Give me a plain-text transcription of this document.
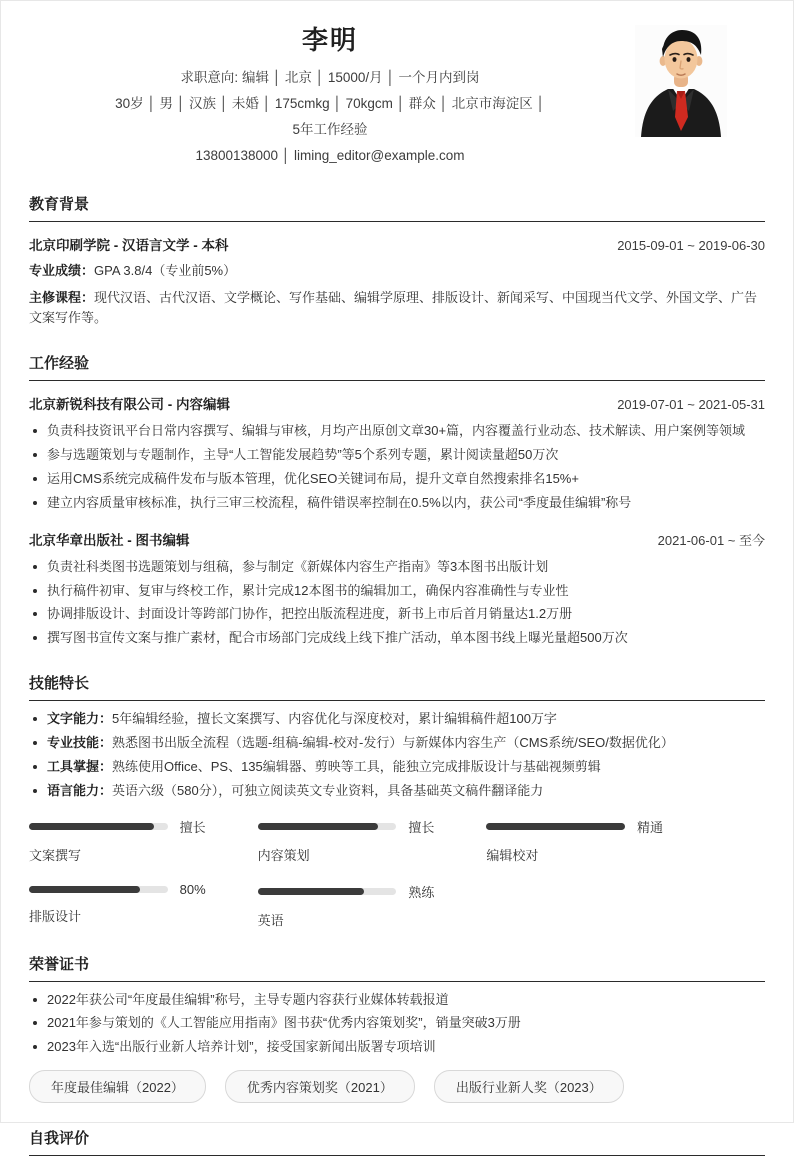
李明
求职意向: 编辑 │ 北京 │ 15000/月 │ 一个月内到岗
30岁 │ 男 │ 汉族 │ 未婚 │ 175cmkg │ 70kgcm │ 群众 │ 北京市海淀区 │
5年工作经验
13800138000 │ liming_editor@example.com
教育背景
北京印刷学院 - 汉语言文学 - 本科	2015-09-01 ~ 2019-06-30
专业成绩：GPA 3.8/4（专业前5%）
主修课程：现代汉语、古代汉语、文学概论、写作基础、编辑学原理、排版设计、新闻采写、中国现当代文学、外国文学、广告文案写作等。
工作经验
北京新锐科技有限公司 - 内容编辑	2019-07-01 ~ 2021-05-31
负责科技资讯平台日常内容撰写、编辑与审核，月均产出原创文章30+篇，内容覆盖行业动态、技术解读、用户案例等领域
参与选题策划与专题制作，主导“人工智能发展趋势”等5个系列专题，累计阅读量超50万次
运用CMS系统完成稿件发布与版本管理，优化SEO关键词布局，提升文章自然搜索排名15%+
建立内容质量审核标准，执行三审三校流程，稿件错误率控制在0.5%以内，获公司“季度最佳编辑”称号
北京华章出版社 - 图书编辑	2021-06-01 ~ 至今
负责社科类图书选题策划与组稿，参与制定《新媒体内容生产指南》等3本图书出版计划
执行稿件初审、复审与终校工作，累计完成12本图书的编辑加工，确保内容准确性与专业性
协调排版设计、封面设计等跨部门协作，把控出版流程进度，新书上市后首月销量达1.2万册
撰写图书宣传文案与推广素材，配合市场部门完成线上线下推广活动，单本图书线上曝光量超500万次
技能特长
文字能力：5年编辑经验，擅长文案撰写、内容优化与深度校对，累计编辑稿件超100万字
专业技能：熟悉图书出版全流程（选题-组稿-编辑-校对-发行）与新媒体内容生产（CMS系统/SEO/数据优化）
工具掌握：熟练使用Office、PS、135编辑器、剪映等工具，能独立完成排版设计与基础视频剪辑
语言能力：英语六级（580分），可独立阅读英文专业资料，具备基础英文稿件翻译能力
擅长
文案撰写
擅长
内容策划
精通
编辑校对
80%
排版设计
熟练
英语
荣誉证书
2022年获公司“年度最佳编辑”称号，主导专题内容获行业媒体转载报道
2021年参与策划的《人工智能应用指南》图书获“优秀内容策划奖”，销量突破3万册
2023年入选“出版行业新人培养计划”，接受国家新闻出版署专项培训
年度最佳编辑（2022）	优秀内容策划奖（2021）	出版行业新人奖（2023）
自我评价
